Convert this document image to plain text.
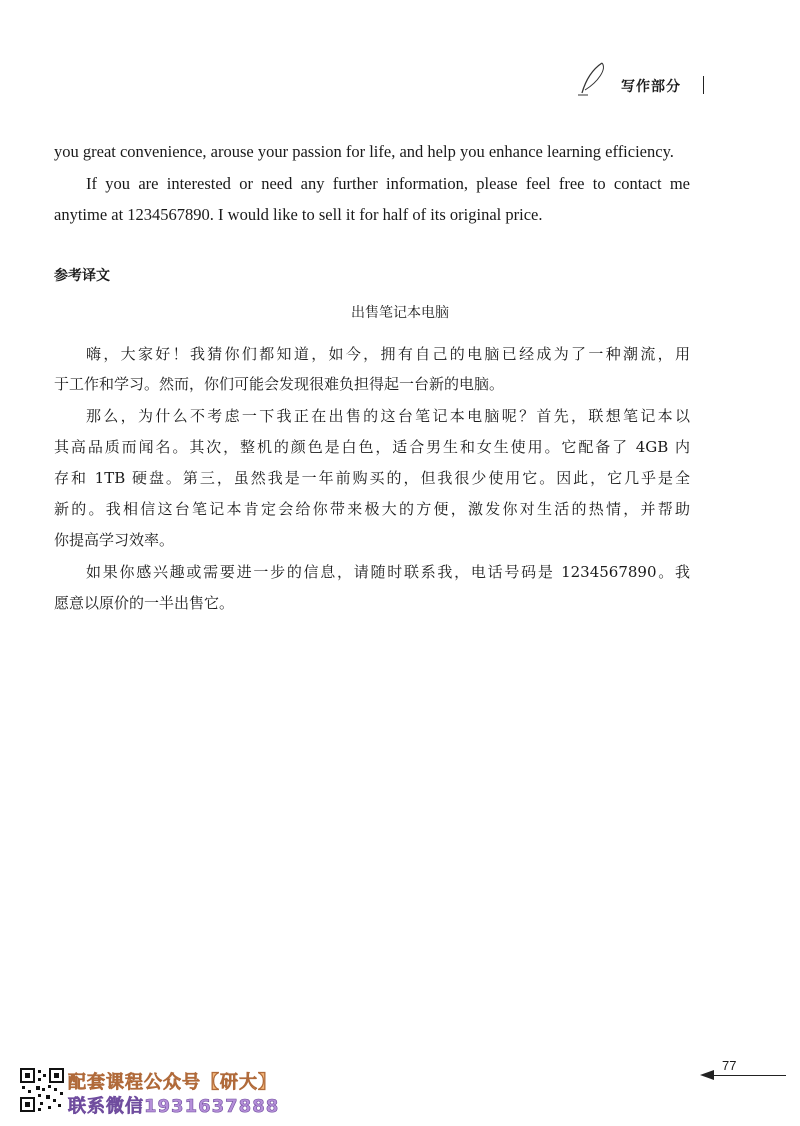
写作部分
you great convenience, arouse your passion for life, and help you enhance learning efficiency.
If you are interested or need any further information, please feel free to contact me
anytime at 1234567890. I would like to sell it for half of its original price.
参考译文
出售笔记本电脑
嗨，大家好！我猜你们都知道，如今，拥有自己的电脑已经成为了一种潮流，用
于工作和学习。然而，你们可能会发现很难负担得起一台新的电脑。
那么，为什么不考虑一下我正在出售的这台笔记本电脑呢？首先，联想笔记本以
其高品质而闻名。其次，整机的颜色是白色，适合男生和女生使用。它配备了 4GB 内
存和 1TB 硬盘。第三，虽然我是一年前购买的，但我很少使用它。因此，它几乎是全
新的。我相信这台笔记本肯定会给你带来极大的方便，激发你对生活的热情，并帮助
你提高学习效率。
如果你感兴趣或需要进一步的信息，请随时联系我，电话号码是 1234567890。我
愿意以原价的一半出售它。
77
配套课程公众号【研大】
联系微信1931637888
